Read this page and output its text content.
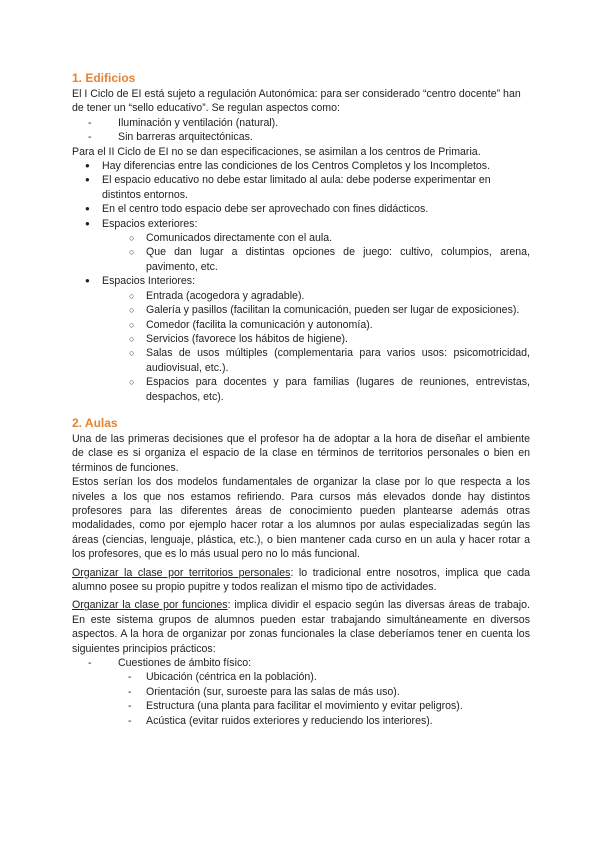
1. Edificios

El I Ciclo de EI está sujeto a regulación Autonómica: para ser considerado “centro docente” han de tener un “sello educativo”. Se regulan aspectos como:

- Iluminación y ventilación (natural).
- Sin barreras arquitectónicas.

Para el II Ciclo de EI no se dan especificaciones, se asimilan a los centros de Primaria.

● Hay diferencias entre las condiciones de los Centros Completos y los Incompletos.
● El espacio educativo no debe estar limitado al aula: debe poderse experimentar en distintos entornos.
● En el centro todo espacio debe ser aprovechado con fines didácticos.
● Espacios exteriores:
○ Comunicados directamente con el aula.
○ Que dan lugar a distintas opciones de juego: cultivo, columpios, arena, pavimento, etc.
● Espacios Interiores:
○ Entrada (acogedora y agradable).
○ Galería y pasillos (facilitan la comunicación, pueden ser lugar de exposiciones).
○ Comedor (facilita la comunicación y autonomía).
○ Servicios (favorece los hábitos de higiene).
○ Salas de usos múltiples (complementaria para varios usos: psicomotricidad, audiovisual, etc.).
○ Espacios para docentes y para familias (lugares de reuniones, entrevistas, despachos, etc).
2. Aulas

Una de las primeras decisiones que el profesor ha de adoptar a la hora de diseñar el ambiente de clase es si organiza el espacio de la clase en términos de territorios personales o bien en términos de funciones.

Estos serían los dos modelos fundamentales de organizar la clase por lo que respecta a los niveles a los que nos estamos refiriendo. Para cursos más elevados donde hay distintos profesores para las diferentes áreas de conocimiento pueden plantearse además otras modalidades, como por ejemplo hacer rotar a los alumnos por aulas especializadas según las áreas (ciencias, lenguaje, plástica, etc.), o bien mantener cada curso en un aula y hacer rotar a los profesores, que es lo más usual pero no lo más funcional.

Organizar la clase por territorios personales: lo tradicional entre nosotros, implica que cada alumno posee su propio pupitre y todos realizan el mismo tipo de actividades.

Organizar la clase por funciones: implica dividir el espacio según las diversas áreas de trabajo. En este sistema grupos de alumnos pueden estar trabajando simultáneamente en diversos aspectos. A la hora de organizar por zonas funcionales la clase deberíamos tener en cuenta los siguientes principios prácticos:

- Cuestiones de ámbito físico:
- Ubicación (céntrica en la población).
- Orientación (sur, suroeste para las salas de más uso).
- Estructura (una planta para facilitar el movimiento y evitar peligros).
- Acústica (evitar ruidos exteriores y reduciendo los interiores).
